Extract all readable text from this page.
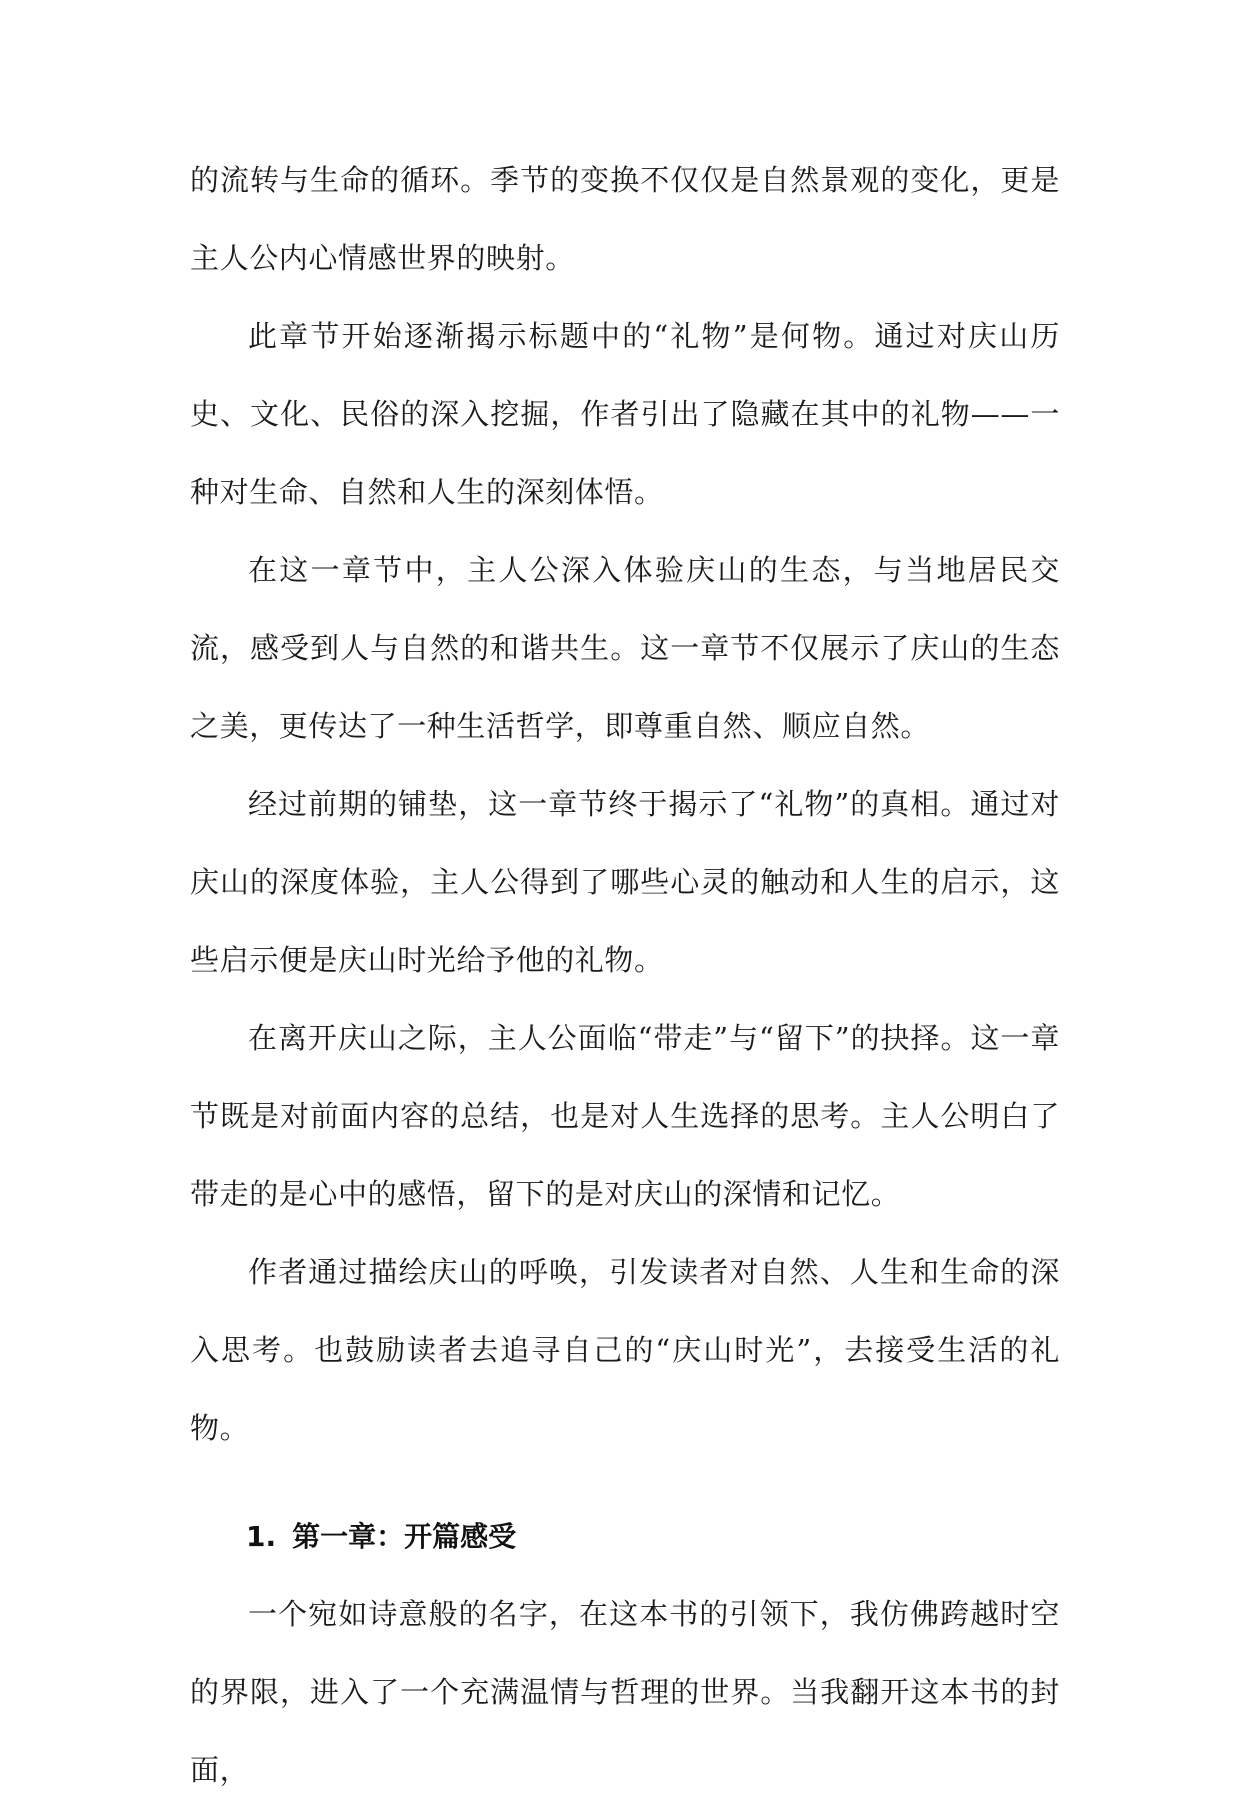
的流转与生命的循环。季节的变换不仅仅是自然景观的变化，更是主人公内心情感世界的映射。

此章节开始逐渐揭示标题中的“礼物”是何物。通过对庆山历史、文化、民俗的深入挖掘，作者引出了隐藏在其中的礼物——一种对生命、自然和人生的深刻体悟。

在这一章节中，主人公深入体验庆山的生态，与当地居民交流，感受到人与自然的和谐共生。这一章节不仅展示了庆山的生态之美，更传达了一种生活哲学，即尊重自然、顺应自然。

经过前期的铺垫，这一章节终于揭示了“礼物”的真相。通过对庆山的深度体验，主人公得到了哪些心灵的触动和人生的启示，这些启示便是庆山时光给予他的礼物。

在离开庆山之际，主人公面临“带走”与“留下”的抉择。这一章节既是对前面内容的总结，也是对人生选择的思考。主人公明白了带走的是心中的感悟，留下的是对庆山的深情和记忆。

作者通过描绘庆山的呼唤，引发读者对自然、人生和生命的深入思考。也鼓励读者去追寻自己的“庆山时光”，去接受生活的礼物。

1. 第一章：开篇感受

一个宛如诗意般的名字，在这本书的引领下，我仿佛跨越时空的界限，进入了一个充满温情与哲理的世界。当我翻开这本书的封面，
